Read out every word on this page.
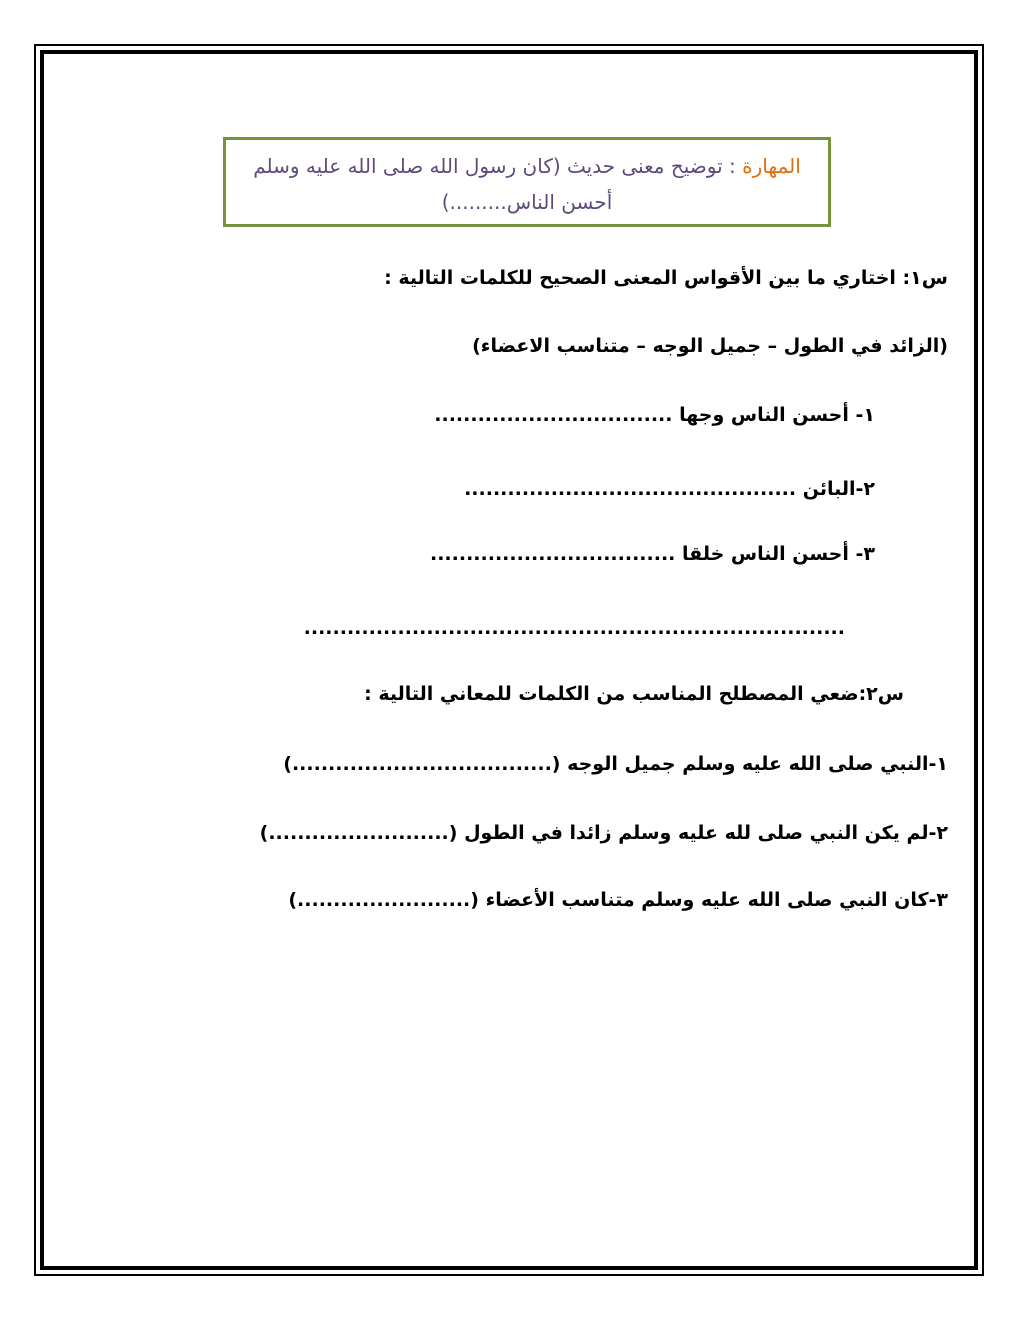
المهارة : توضيح معنى حديث (كان رسول الله صلى الله عليه وسلم أحسن الناس.........)
س١: اختاري ما بين الأقواس المعنى الصحيح للكلمات التالية :
(الزائد في الطول – جميل الوجه – متناسب الاعضاء)
١- أحسن الناس وجها .................................
٢-البائن ..............................................
٣- أحسن الناس خلقا ..................................
...........................................................................
س٢:ضعي المصطلح المناسب من الكلمات للمعاني التالية :
١-النبي صلى الله عليه وسلم جميل الوجه (....................................)
٢-لم يكن النبي صلى لله عليه وسلم زائدا في الطول (.........................)
٣-كان النبي صلى الله عليه وسلم متناسب الأعضاء (........................)
